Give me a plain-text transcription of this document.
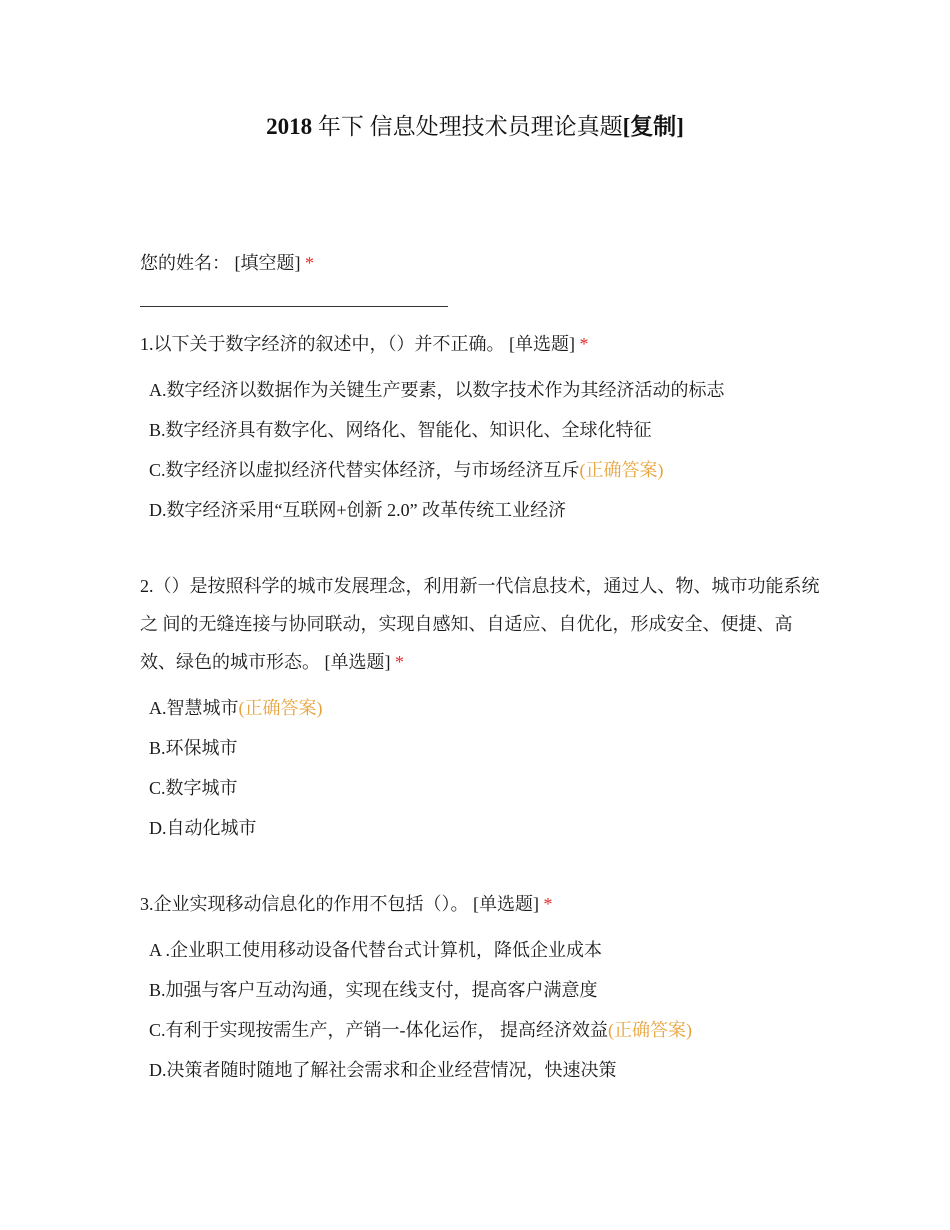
2018 年下 信息处理技术员理论真题[复制]

您的姓名： [填空题] *

1.以下关于数字经济的叙述中，（）并不正确。 [单选题] *

A.数字经济以数据作为关键生产要素，以数字技术作为其经济活动的标志
B.数字经济具有数字化、网络化、智能化、知识化、全球化特征
C.数字经济以虚拟经济代替实体经济，与市场经济互斥(正确答案)
D.数字经济采用“互联网+创新 2.0” 改革传统工业经济

2.（）是按照科学的城市发展理念，利用新一代信息技术，通过人、物、城市功能系统之 间的无缝连接与协同联动，实现自感知、自适应、自优化，形成安全、便捷、高效、绿色的城市形态。 [单选题] *

A.智慧城市(正确答案)
B.环保城市
C.数字城市
D.自动化城市

3.企业实现移动信息化的作用不包括（）。 [单选题] *

A .企业职工使用移动设备代替台式计算机，降低企业成本
B.加强与客户互动沟通，实现在线支付，提高客户满意度
C.有利于实现按需生产，产销一-体化运作， 提高经济效益(正确答案)
D.决策者随时随地了解社会需求和企业经营情况，快速决策
